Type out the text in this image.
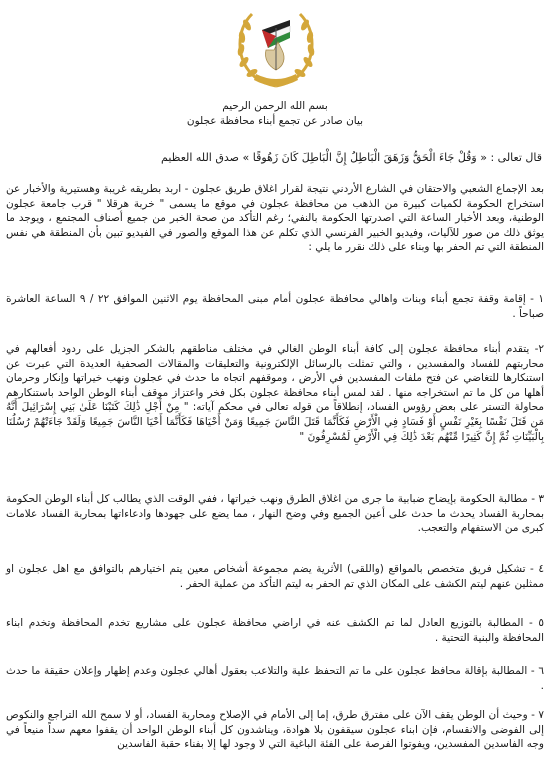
بسم الله الرحمن الرحيم
بيان صادر عن تجمع أبناء محافظة عجلون
قال تعالى : « وَقُلْ جَاءَ الْحَقُّ وَزَهَقَ الْبَاطِلُ إِنَّ الْبَاطِلَ كَانَ زَهُوقًا » صدق الله العظيم
بعد الإجماع الشعبي والاحتقان في الشارع الأردني نتيجة لقرار اغلاق طريق عجلون - اربد بطريقه غريبة وهستيرية والأخبار عن استخراج الحكومة لكميات كبيرة من الذهب من محافظة عجلون في موقع ما يسمى " خربة هرقلا " قرب جامعة عجلون الوطنية، وبعد الأخبار الساعة التي اصدرتها الحكومة بالنفي؛ رغم التأكد من صحة الخبر من جميع أصناف المجتمع ، ويوجد ما يوثق ذلك من صور للآليات، وفيديو الخبير الفرنسي الذي تكلم عن هذا الموقع والصور في الفيديو تبين بأن المنطقة هي نفس المنطقة التي تم الحفر بها وبناء على ذلك نقرر ما يلي :
١ - إقامة وقفة تجمع أبناء وبنات واهالي محافظة عجلون أمام مبنى المحافظة يوم الاثنين الموافق ٢٢ / ٩ الساعة العاشرة صباحاً .
٢- يتقدم أبناء محافظة عجلون إلى كافة أبناء الوطن الغالي في مختلف مناطقهم بالشكر الجزيل على ردود أفعالهم في محاربتهم للفساد والمفسدين ، والتي تمثلت بالرسائل الإلكترونية والتعليقات والمقالات الصحفية العديدة التي عبرت عن استنكارها للتغاضي عن فتح ملفات المفسدين في الأرض ، وموقفهم اتجاه ما حدث في عجلون ونهب خيراتها وإنكار وحرمان أهلها من كل ما تم استخراجه منها . لقد لمس أبناء محافظة عجلون بكل فخر واعتزاز موقف أبناء الوطن الواحد باستنكارهم محاولة التستر على بعض رؤوس الفساد، إنطلاقاً من قوله تعالى في محكم آياته: " مِنْ أَجْلِ ذَٰلِكَ كَتَبْنَا عَلَىٰ بَنِي إِسْرَائِيلَ أَنَّهُ مَن قَتَلَ نَفْسًا بِغَيْرِ نَفْسٍ أَوْ فَسَادٍ فِي الْأَرْضِ فَكَأَنَّمَا قَتَلَ النَّاسَ جَمِيعًا وَمَنْ أَحْيَاهَا فَكَأَنَّمَا أَحْيَا النَّاسَ جَمِيعًا وَلَقَدْ جَاءَتْهُمْ رُسُلُنَا بِالْبَيِّنَاتِ ثُمَّ إِنَّ كَثِيرًا مِّنْهُم بَعْدَ ذَٰلِكَ فِي الْأَرْضِ لَمُسْرِفُونَ "
٣ - مطالبة الحكومة بإيضاح ضبابية ما جرى من اغلاق الطرق ونهب خيراتها ، ففي الوقت الذي يطالب كل أبناء الوطن الحكومة بمحاربة الفساد يحدث ما حدث على أعين الجميع وفي وضح النهار ، مما يضع على جهودها وادعاءاتها بمحاربة الفساد علامات كبرى من الاستفهام والتعجب.
٤ - تشكيل فريق متخصص بالمواقع (واللقى) الأثرية يضم مجموعة أشخاص معين يتم اختيارهم بالتوافق مع اهل عجلون او ممثلين عنهم ليتم الكشف على المكان الذي تم الحفر به ليتم التأكد من عملية الحفر .
٥ - المطالبة بالتوزيع العادل لما تم الكشف عنه في اراضي محافظة عجلون على مشاريع تخدم المحافظة وتخدم ابناء المحافظة والبنية التحتية .
٦ - المطالبة بإقالة محافظ عجلون على ما تم التحفظ علية والتلاعب بعقول أهالي عجلون وعدم إظهار وإعلان حقيقة ما حدث .
٧ - وحيث أن الوطن يقف الآن على مفترق طرق، إما إلى الأمام في الإصلاح ومحاربة الفساد، أو لا سمح الله التراجع والنكوص إلى الفوضى والانقسام، فإن ابناء عجلون سيقفون بلا هوادة، ويناشدون كل أبناء الوطن الواحد أن يقفوا معهم سداً منيعاً في وجه الفاسدين المفسدين، ويفوتوا الفرصة على الفئة الباغية التي لا وجود لها إلا بفناء حقبة الفاسدين
